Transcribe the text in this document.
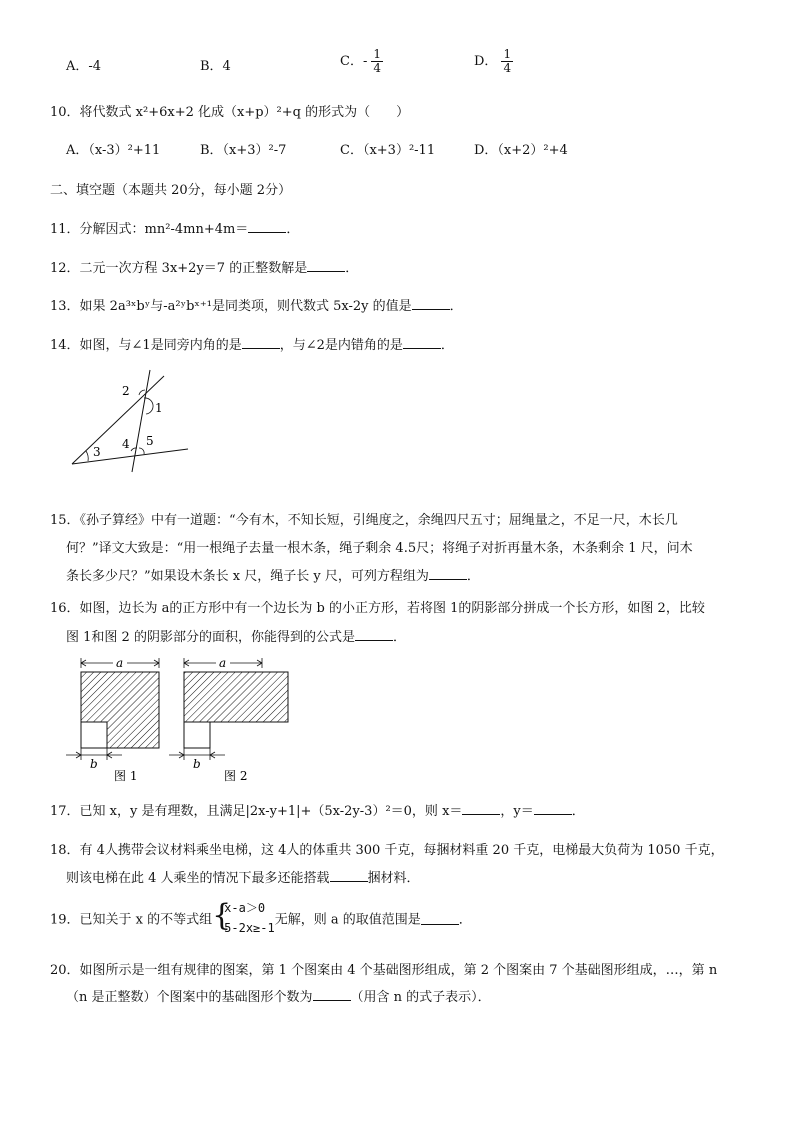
A．-4	B．4	C．- $\frac{1}{4}$	D． $\frac{1}{4}$
10．将代数式 x²+6x+2 化成（x+p）²+q 的形式为（　　）
A．（x-3）²+11	B．（x+3）²-7	C．（x+3）²-11	D．（x+2）²+4
二、填空题（本题共 20分，每小题 2分）
11．分解因式：mn²-4mn+4m＝	．
12．二元一次方程 3x+2y＝7 的正整数解是	．
13．如果 2a³ˣbʸ与-a²ʸbˣ⁺¹是同类项，则代数式 5x-2y 的值是	．
14．如图，与∠1是同旁内角的是	，与∠2是内错角的是	．
2
1
3
4 5
15．《孙子算经》中有一道题：“今有木，不知长短，引绳度之，余绳四尺五寸；屈绳量之，不足一尺，木长几
何？”译文大致是：“用一根绳子去量一根木条，绳子剩余 4.5尺；将绳子对折再量木条，木条剩余 1 尺，问木
条长多少尺？”如果设木条长 x 尺，绳子长 y 尺，可列方程组为	．
16．如图，边长为 a的正方形中有一个边长为 b 的小正方形，若将图 1的阴影部分拼成一个长方形，如图 2，比较
图 1和图 2 的阴影部分的面积，你能得到的公式是	．
a
b
图 1
a
b
图 2
17．已知 x，y 是有理数，且满足|2x-y+1|+（5x-2y-3）²＝0，则 x＝	，y＝	．
18．有 4人携带会议材料乘坐电梯，这 4人的体重共 300 千克，每捆材料重 20 千克，电梯最大负荷为 1050 千克，
则该电梯在此 4 人乘坐的情况下最多还能搭载	捆材料．
19．已知关于 x 的不等式组 {
x-a＞0
5-2x≥-1
无解，则 a 的取值范围是	．
20．如图所示是一组有规律的图案，第 1 个图案由 4 个基础图形组成，第 2 个图案由 7 个基础图形组成，…，第 n
（n 是正整数）个图案中的基础图形个数为	（用含 n 的式子表示）．
